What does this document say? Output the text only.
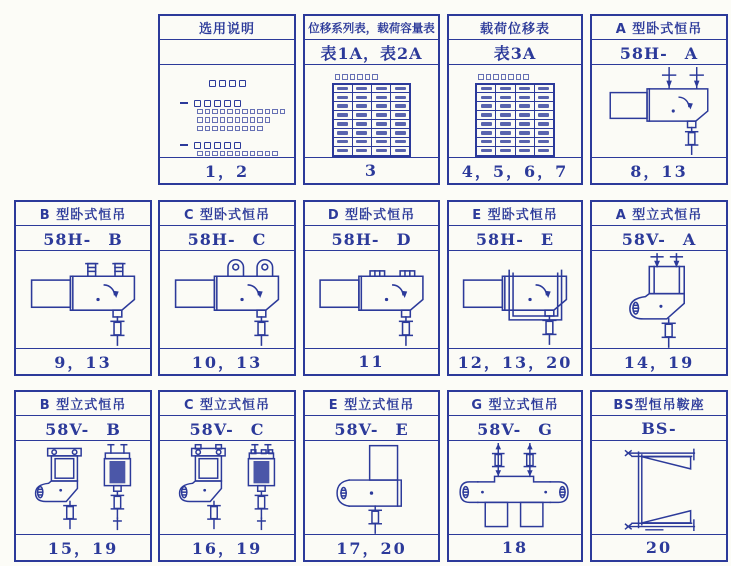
选用说明
1，2
位移系列表，载荷容量表
表1A，表2A

3
载荷位移表
表3A

4，5，6，7
A 型卧式恒吊
58H-　A
8，13
B 型卧式恒吊
58H-　B
9，13
C 型卧式恒吊
58H-　C
10，13
D 型卧式恒吊
58H-　D
11
E 型卧式恒吊
58H-　E
12，13，20
A 型立式恒吊
58V-　A
14，19
B 型立式恒吊
58V-　B
15，19
C 型立式恒吊
58V-　C
16，19
E 型立式恒吊
58V-　E
17，20
G 型立式恒吊
58V-　G
18
BS型恒吊鞍座
BS-
20
